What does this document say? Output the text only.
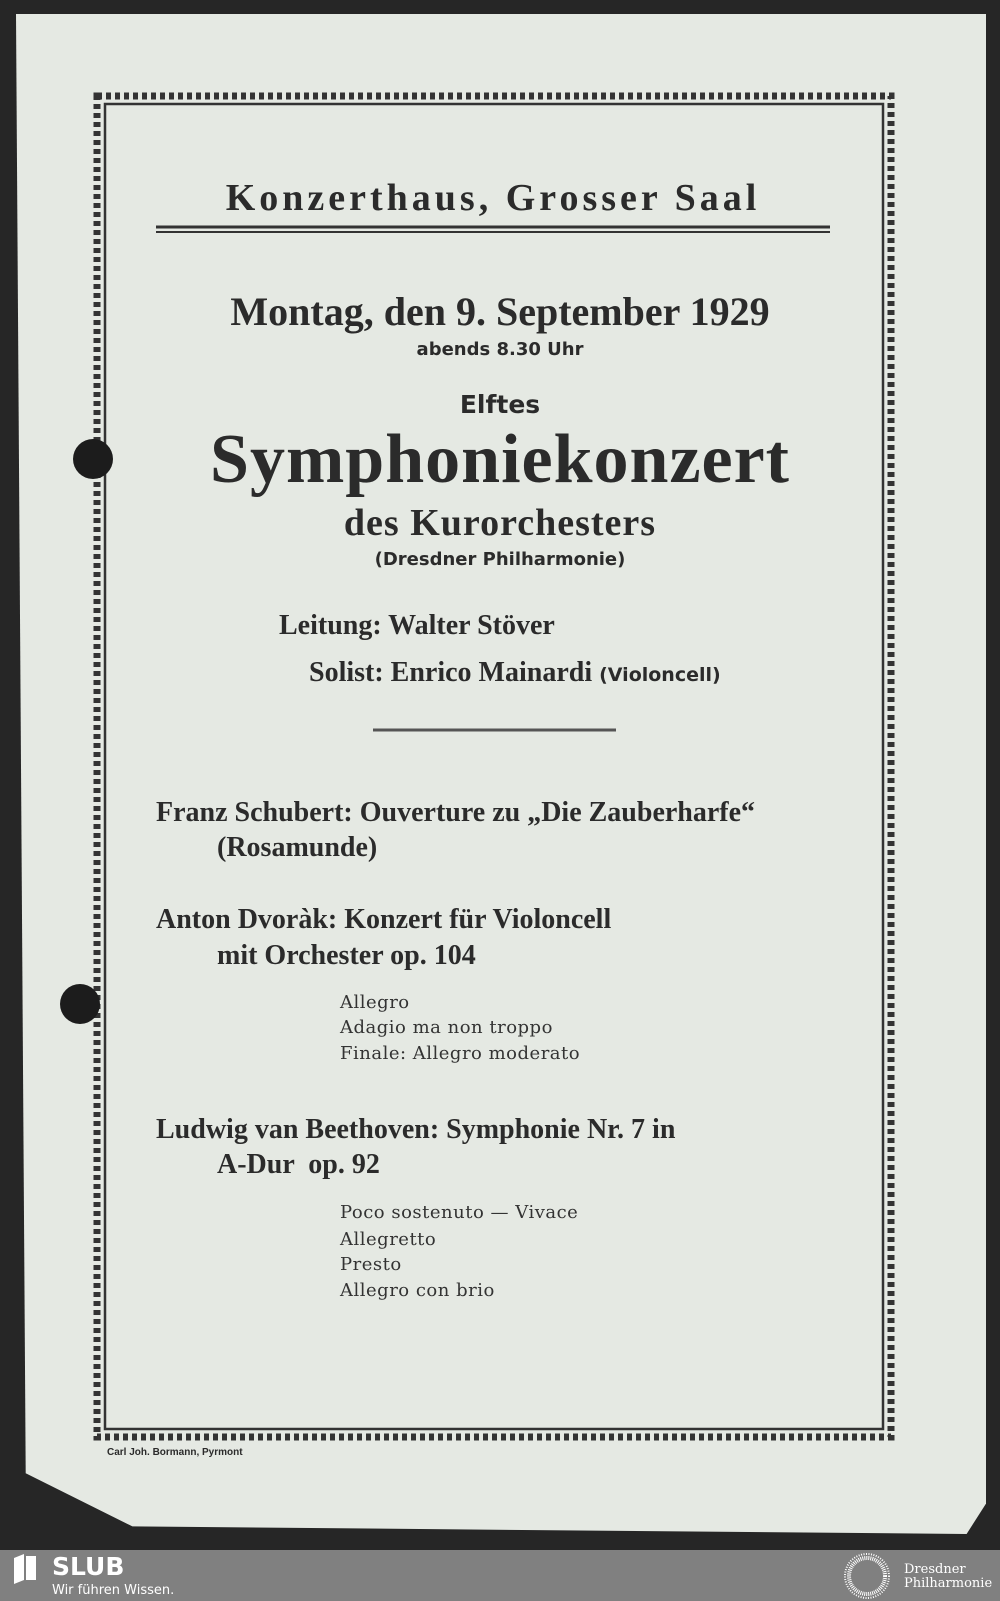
Konzerthaus, Grosser Saal
Montag, den 9. September 1929
abends 8.30 Uhr
Elftes
Symphoniekonzert
des Kurorchesters
(Dresdner Philharmonie)
Leitung: Walter Stöver
Solist: Enrico Mainardi (Violoncell)
Franz Schubert: Ouverture zu „Die Zauberharfe“
(Rosamunde)
Anton Dvoràk: Konzert für Violoncell
mit Orchester op. 104
Allegro
Adagio ma non troppo
Finale: Allegro moderato
Ludwig van Beethoven: Symphonie Nr. 7 in
A-Dur  op. 92
Poco sostenuto — Vivace
Allegretto
Presto
Allegro con brio
Carl Joh. Bormann, Pyrmont
SLUB
Wir führen Wissen.
Dresdner
Philharmonie
